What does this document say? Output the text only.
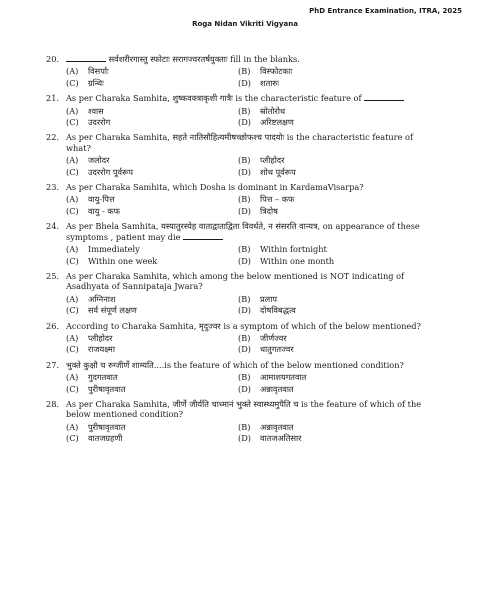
PhD Entrance Examination, ITRA, 2025
Roga Nidan Vikriti Vigyana
20.	सर्वशरीरगास्तु स्फोटाः सरागज्वरतर्षयुक्ताः fill in the blanks.
(A)	विसर्पाः	(B)	विस्फोटकाः
(C)	ग्रन्थिः	(D)	शतारुः
21. As per Charaka Samhita, शुष्कवक्त्राकृशी गात्रैः is the characteristic feature of
(A)	श्वास	(B)	स्रोतोरोध
(C)	उदररोग	(D)	अरिष्टलक्षण
22. As per Charaka Samhita, सहते नातिसौहित्यमीषच्छोफश्च पादयोः is the characteristic feature of what?
(A)	जलोदर	(B)	प्लीहोदर
(C)	उदररोग पूर्वरूप	(D)	शोथ पूर्वरूप
23. As per Charaka Samhita, which Dosha is dominant in KardamaVisarpa?
(A)	वायु-पित्त	(B)	पित्त – कफ
(C)	वायु - कफ	(D)	त्रिदोष
24. As per Bhela Samhita, यस्यातुरस्येह वाताद्वाताद्विता विवर्धते, न संसरति वान्यत्र, on appearance of these symptoms , patient may die
(A)	Immediately	(B)	Within fortnight
(C)	Within one week	(D)	Within one month
25. As per Charaka Samhita, which among the below mentioned is NOT indicating of Asadhyata of Sannipataja Jwara?
(A)	अग्निनाश	(B)	प्रलाप
(C)	सर्व संपूर्ण लक्षण	(D)	दोषविबद्धत्व
26. According to Charaka Samhita, मृदुज्वर is a symptom of which of the below mentioned?
(A)	प्लीहोदर	(B)	जीर्णज्वर
(C)	राजयक्ष्मा	(D)	धातुगतज्वर
27. भुक्ते कुक्षौ च रुग्जीर्णे शाम्यति....is the feature of which of the below mentioned condition?
(A)	गुदगतवात	(B)	आमाशयगतवात
(C)	पुरीषावृतवात	(D)	अन्नावृतवात
28. As per Charaka Samhita, जीर्णे जीर्यति चाध्मानं भुक्ते स्वास्थ्यमुपैति च is the feature of which of the below mentioned condition?
(A)	पुरीषावृतवात	(B)	अन्नावृतवात
(C)	वातजग्रहणी	(D)	वातजअतिसार
